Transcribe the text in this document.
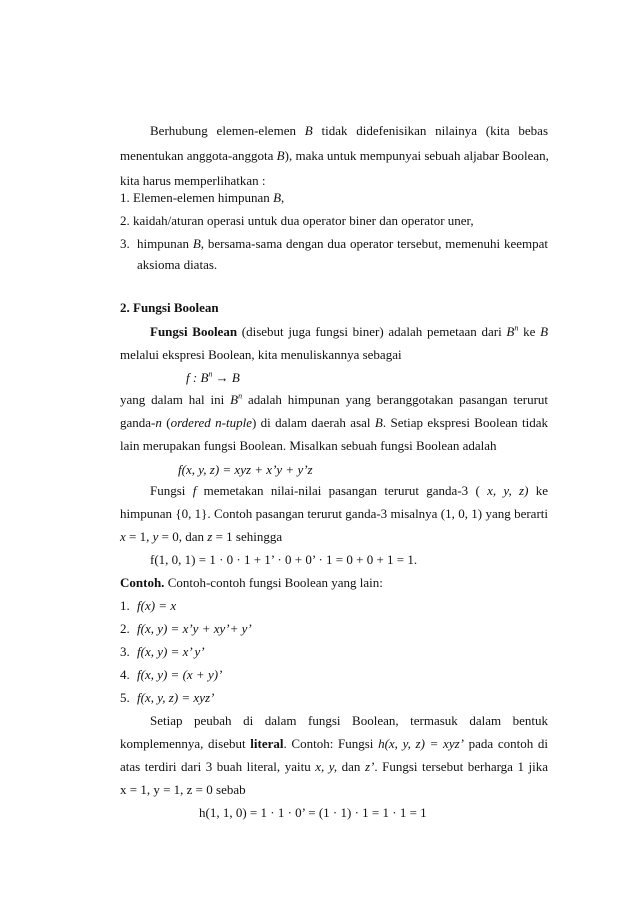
Berhubung elemen-elemen B tidak didefenisikan nilainya (kita bebas
menentukan anggota-anggota B), maka untuk mempunyai sebuah aljabar Boolean,
kita harus memperlihatkan :
1. Elemen-elemen himpunan B,
2. kaidah/aturan operasi untuk dua operator biner dan operator uner,
3. himpunan B, bersama-sama dengan dua operator tersebut, memenuhi keempat
aksioma diatas.
2. Fungsi Boolean
Fungsi Boolean (disebut juga fungsi biner) adalah pemetaan dari $B^n$ ke B
melalui ekspresi Boolean, kita menuliskannya sebagai
f : $B^n \to B$
yang dalam hal ini $B^n$ adalah himpunan yang beranggotakan pasangan terurut
ganda-n (ordered n-tuple) di dalam daerah asal B. Setiap ekspresi Boolean tidak
lain merupakan fungsi Boolean. Misalkan sebuah fungsi Boolean adalah
f(x, y, z) = xyz + x’y + y’z
Fungsi f memetakan nilai-nilai pasangan terurut ganda-3 ( x, y, z) ke
himpunan {0, 1}. Contoh pasangan terurut ganda-3 misalnya (1, 0, 1) yang berarti
x = 1, y = 0, dan z = 1 sehingga
f(1, 0, 1) = 1 · 0 · 1 + 1’ · 0 + 0’ · 1 = 0 + 0 + 1 = 1.
Contoh. Contoh-contoh fungsi Boolean yang lain:
1. f(x) = x
2. f(x, y) = x’y + xy’+ y’
3. f(x, y) = x’ y’
4. f(x, y) = (x + y)’
5. f(x, y, z) = xyz’
Setiap peubah di dalam fungsi Boolean, termasuk dalam bentuk
komplemennya, disebut literal. Contoh: Fungsi h(x, y, z) = xyz’ pada contoh di
atas terdiri dari 3 buah literal, yaitu x, y, dan z’. Fungsi tersebut berharga 1 jika
x = 1, y = 1, z = 0 sebab
h(1, 1, 0) = 1 · 1 · 0’ = (1 · 1) · 1 = 1 · 1 = 1
